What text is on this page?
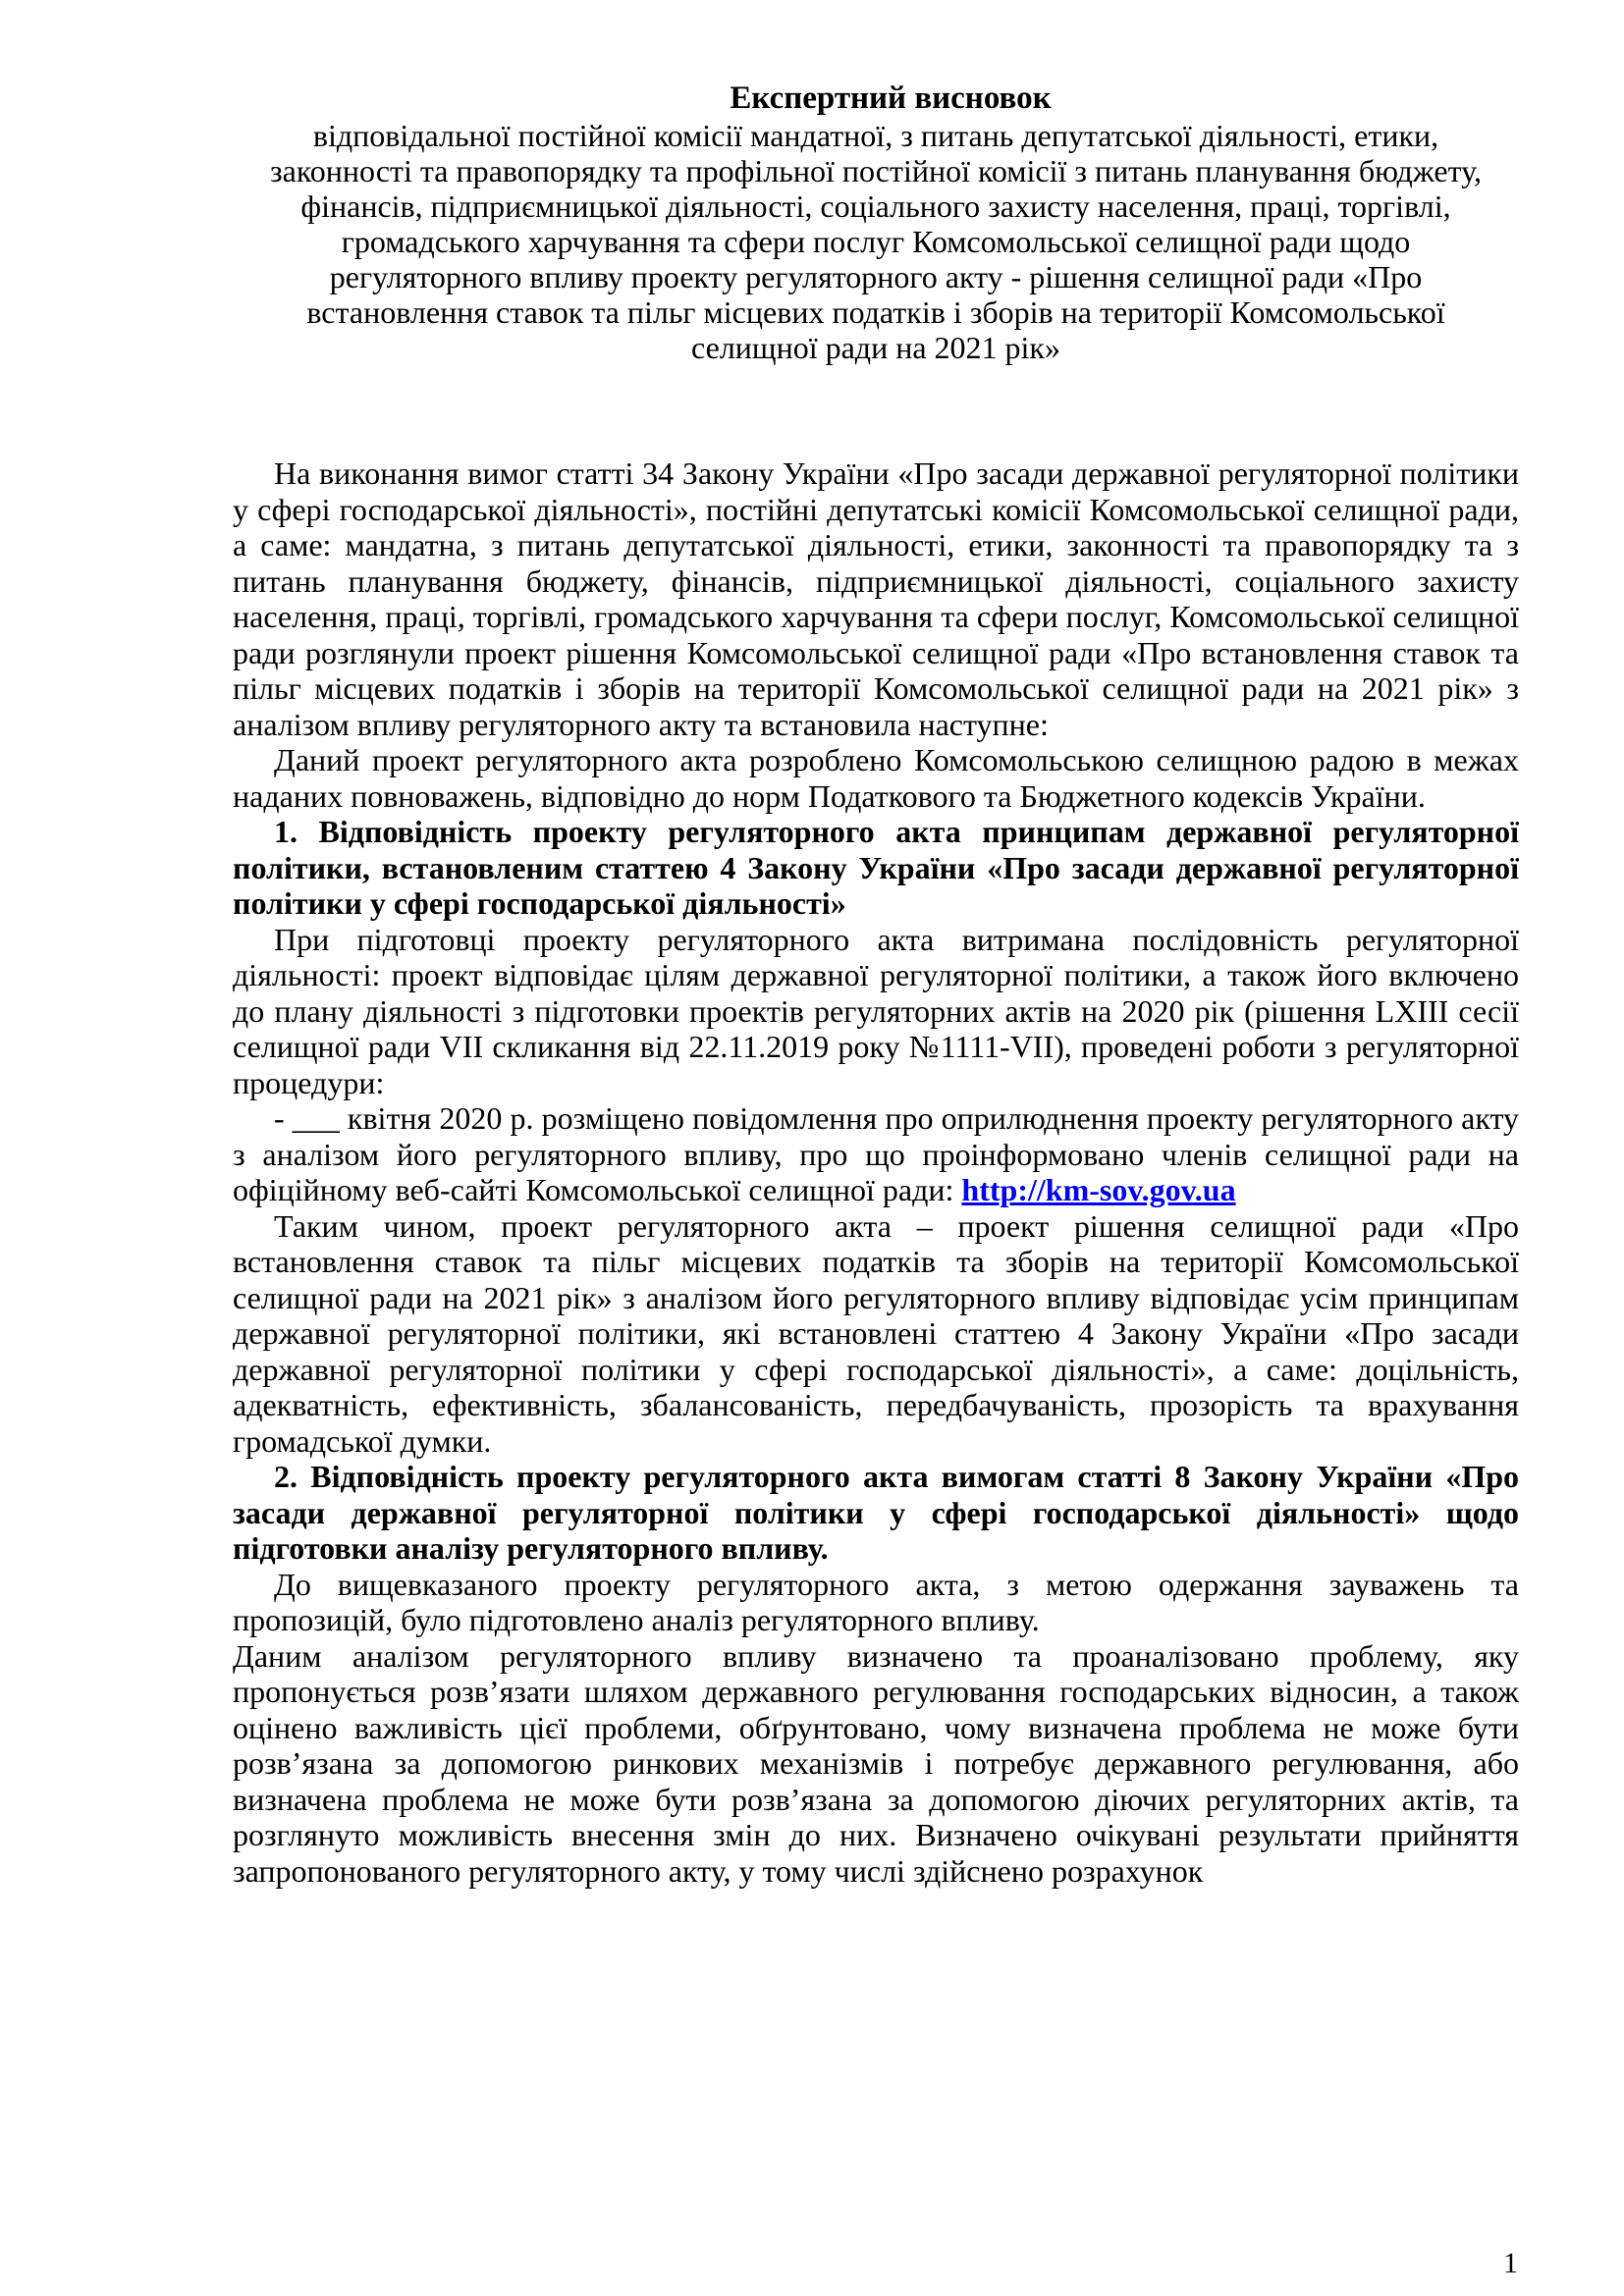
Експертний висновок
відповідальної постійної комісії мандатної, з питань депутатської діяльності, етики,
законності та правопорядку та профільної постійної комісії з питань планування бюджету,
фінансів, підприємницької діяльності, соціального захисту населення, праці, торгівлі,
громадського харчування та сфери послуг Комсомольської селищної ради щодо
регуляторного впливу проекту регуляторного акту - рішення селищної ради «Про
встановлення ставок та пільг місцевих податків і зборів на території Комсомольської
селищної ради на 2021 рік»

На виконання вимог статті 34 Закону України «Про засади державної регуляторної політики у сфері господарської діяльності», постійні депутатські комісії Комсомольської селищної ради, а саме: мандатна, з питань депутатської діяльності, етики, законності та правопорядку та з питань планування бюджету, фінансів, підприємницької діяльності, соціального захисту населення, праці, торгівлі, громадського харчування та сфери послуг, Комсомольської селищної ради розглянули проект рішення Комсомольської селищної ради «Про встановлення ставок та пільг місцевих податків і зборів на території Комсомольської селищної ради на 2021 рік» з аналізом впливу регуляторного акту та встановила наступне:

Даний проект регуляторного акта розроблено Комсомольською селищною радою в межах наданих повноважень, відповідно до норм Податкового та Бюджетного кодексів України.

1. Відповідність проекту регуляторного акта принципам державної регуляторної політики, встановленим статтею 4 Закону України «Про засади державної регуляторної політики у сфері господарської діяльності»

При підготовці проекту регуляторного акта витримана послідовність регуляторної діяльності: проект відповідає цілям державної регуляторної політики, а також його включено до плану діяльності з підготовки проектів регуляторних актів на 2020 рік (рішення LXIII сесії селищної ради VII скликання від 22.11.2019 року №1111-VII), проведені роботи з регуляторної процедури:

- ___ квітня 2020 р. розміщено повідомлення про оприлюднення проекту регуляторного акту з аналізом його регуляторного впливу, про що проінформовано членів селищної ради на офіційному веб-сайті Комсомольської селищної ради: http://km-sov.gov.ua

Таким чином, проект регуляторного акта – проект рішення селищної ради «Про встановлення ставок та пільг місцевих податків та зборів на території Комсомольської селищної ради на 2021 рік» з аналізом його регуляторного впливу відповідає усім принципам державної регуляторної політики, які встановлені статтею 4 Закону України «Про засади державної регуляторної політики у сфері господарської діяльності», а саме: доцільність, адекватність, ефективність, збалансованість, передбачуваність, прозорість та врахування громадської думки.

2. Відповідність проекту регуляторного акта вимогам статті 8 Закону України «Про засади державної регуляторної політики у сфері господарської діяльності» щодо підготовки аналізу регуляторного впливу.

До вищевказаного проекту регуляторного акта, з метою одержання зауважень та пропозицій, було підготовлено аналіз регуляторного впливу.

Даним аналізом регуляторного впливу визначено та проаналізовано проблему, яку пропонується розв’язати шляхом державного регулювання господарських відносин, а також оцінено важливість цієї проблеми, обґрунтовано, чому визначена проблема не може бути розв’язана за допомогою ринкових механізмів і потребує державного регулювання, або визначена проблема не може бути розв’язана за допомогою діючих регуляторних актів, та розглянуто можливість внесення змін до них. Визначено очікувані результати прийняття запропонованого регуляторного акту, у тому числі здійснено розрахунок

1
